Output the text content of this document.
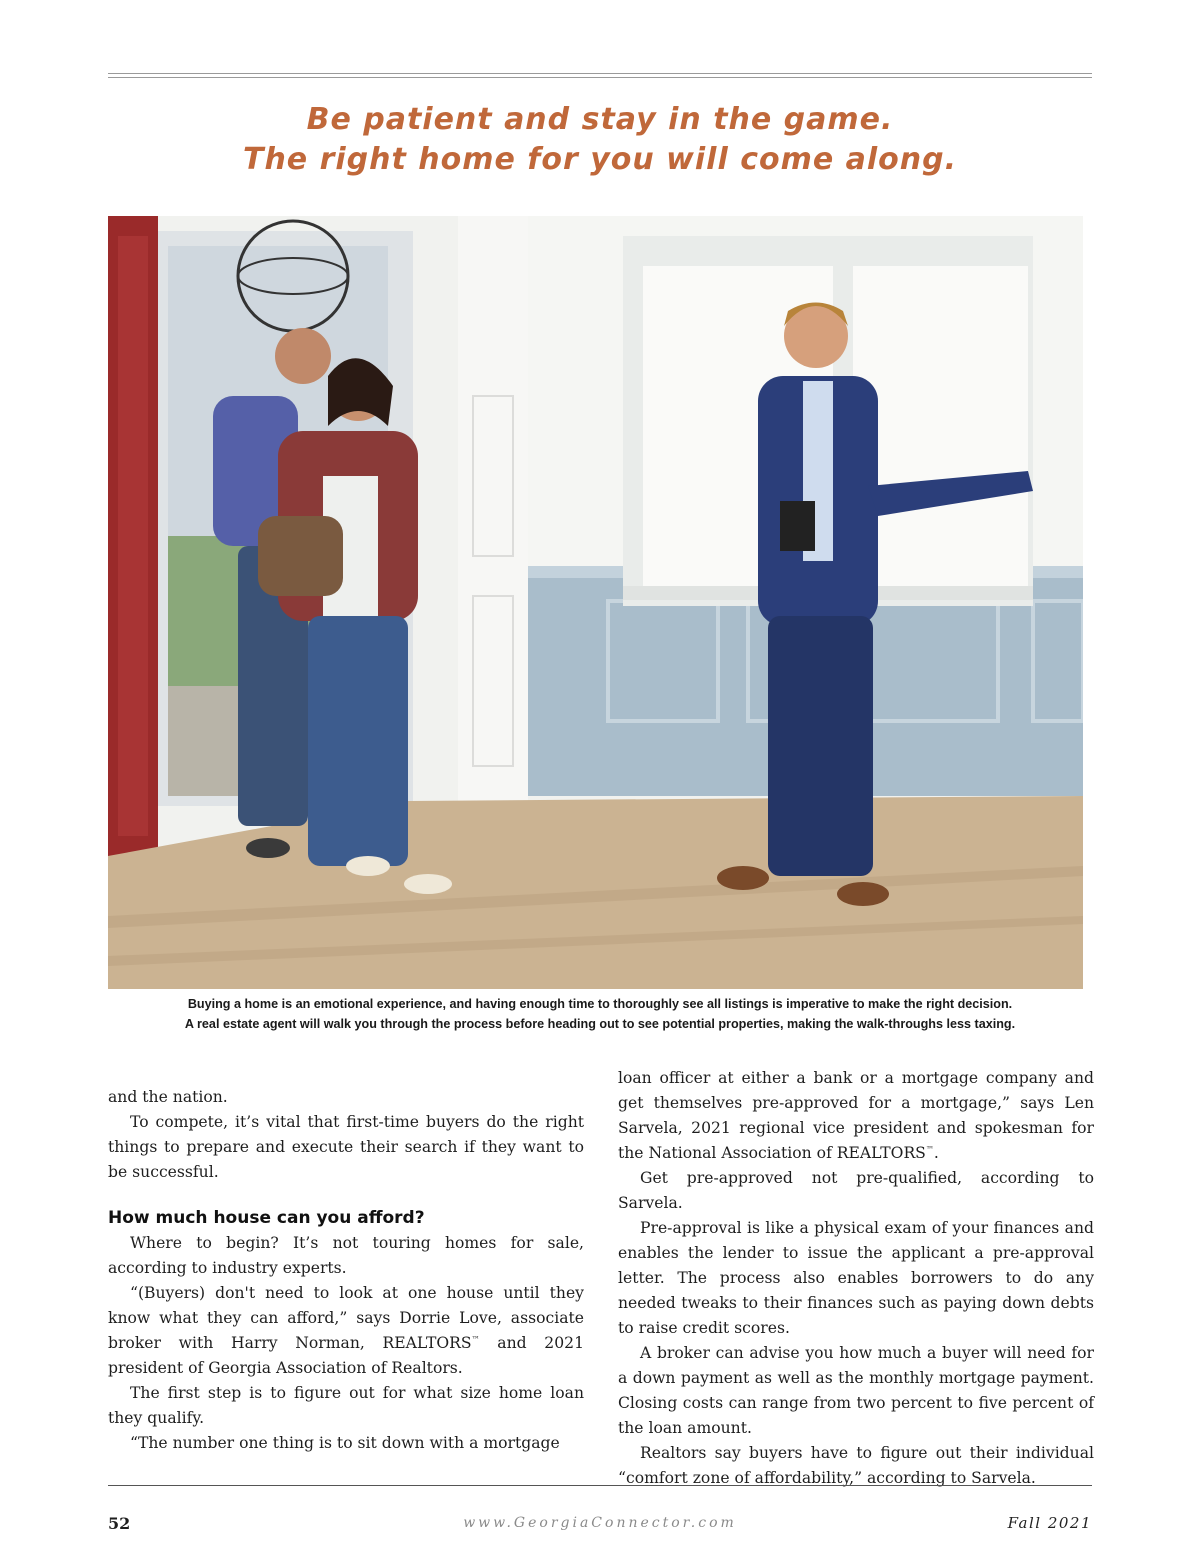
Be patient and stay in the game.
The right home for you will come along.
Buying a home is an emotional experience, and having enough time to thoroughly see all listings is imperative to make the right decision.
A real estate agent will walk you through the process before heading out to see potential properties, making the walk-throughs less taxing.

and the nation.

To compete, it’s vital that first-time buyers do the right things to prepare and execute their search if they want to be successful.

How much house can you afford?

Where to begin? It’s not touring homes for sale, according to industry experts.

“(Buyers) don't need to look at one house until they know what they can afford,” says Dorrie Love, associate broker with Harry Norman, REALTORS™ and 2021 president of Georgia Association of Realtors.

The first step is to figure out for what size home loan they qualify.

“The number one thing is to sit down with a mortgage

loan officer at either a bank or a mortgage company and get themselves pre-approved for a mortgage,” says Len Sarvela, 2021 regional vice president and spokesman for the National Association of REALTORS™.

Get pre-approved not pre-qualified, according to Sarvela.

Pre-approval is like a physical exam of your finances and enables the lender to issue the applicant a pre-approval letter. The process also enables borrowers to do any needed tweaks to their finances such as paying down debts to raise credit scores.

A broker can advise you how much a buyer will need for a down payment as well as the monthly mortgage payment. Closing costs can range from two percent to five percent of the loan amount.

Realtors say buyers have to figure out their individual “comfort zone of affordability,” according to Sarvela.

52	www.GeorgiaConnector.com	Fall 2021
